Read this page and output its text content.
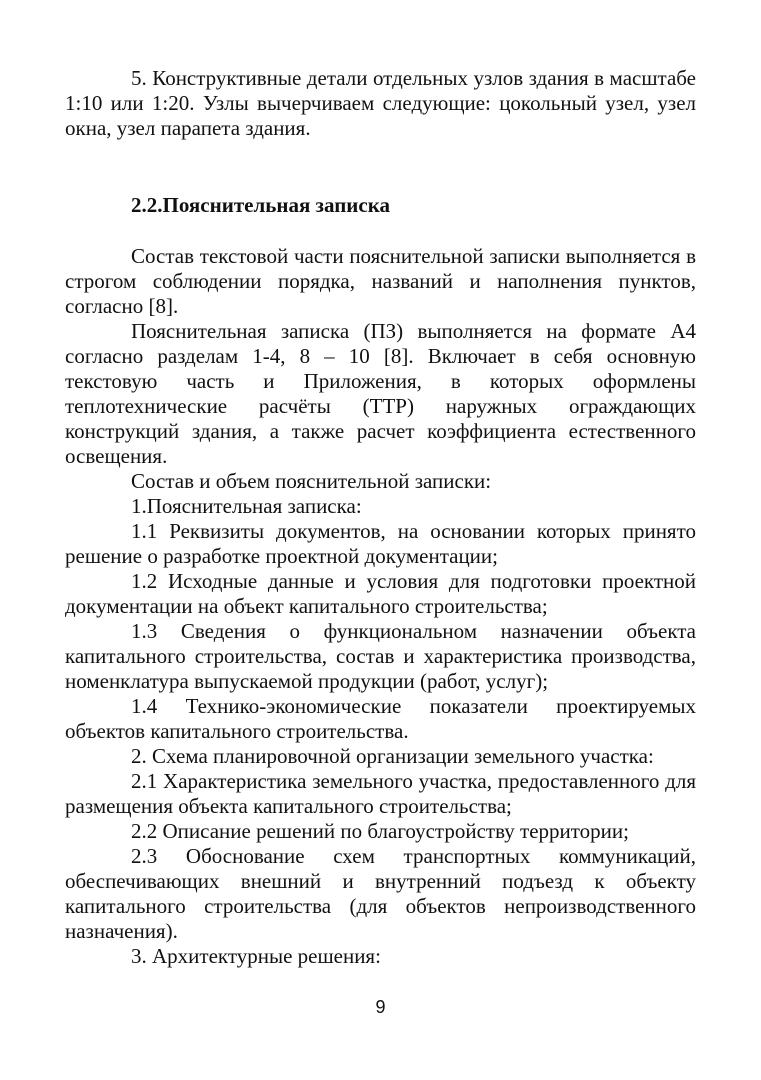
5. Конструктивные детали отдельных узлов здания в масштабе 1:10 или 1:20. Узлы вычерчиваем следующие: цокольный узел, узел окна, узел парапета здания.

2.2.Пояснительная записка

Состав текстовой части пояснительной записки выполняется в строгом соблюдении порядка, названий и наполнения пунктов, согласно [8].

Пояснительная записка (ПЗ) выполняется на формате А4 согласно разделам 1-4, 8 – 10 [8]. Включает в себя основную текстовую часть и Приложения, в которых оформлены теплотехнические расчёты (ТТР) наружных ограждающих конструкций здания, а также расчет коэффициента естественного освещения.

Состав и объем пояснительной записки:

1.Пояснительная записка:

1.1 Реквизиты документов, на основании которых принято решение о разработке проектной документации;

1.2 Исходные данные и условия для подготовки проектной документации на объект капитального строительства;

1.3 Сведения о функциональном назначении объекта капитального строительства, состав и характеристика производства, номенклатура выпускаемой продукции (работ, услуг);

1.4 Технико-экономические показатели проектируемых объектов капитального строительства.

2. Схема планировочной организации земельного участка:

2.1 Характеристика земельного участка, предоставленного для размещения объекта капитального строительства;

2.2 Описание решений по благоустройству территории;

2.3 Обоснование схем транспортных коммуникаций, обеспечивающих внешний и внутренний подъезд к объекту капитального строительства (для объектов непроизводственного назначения).

3. Архитектурные решения:

9
